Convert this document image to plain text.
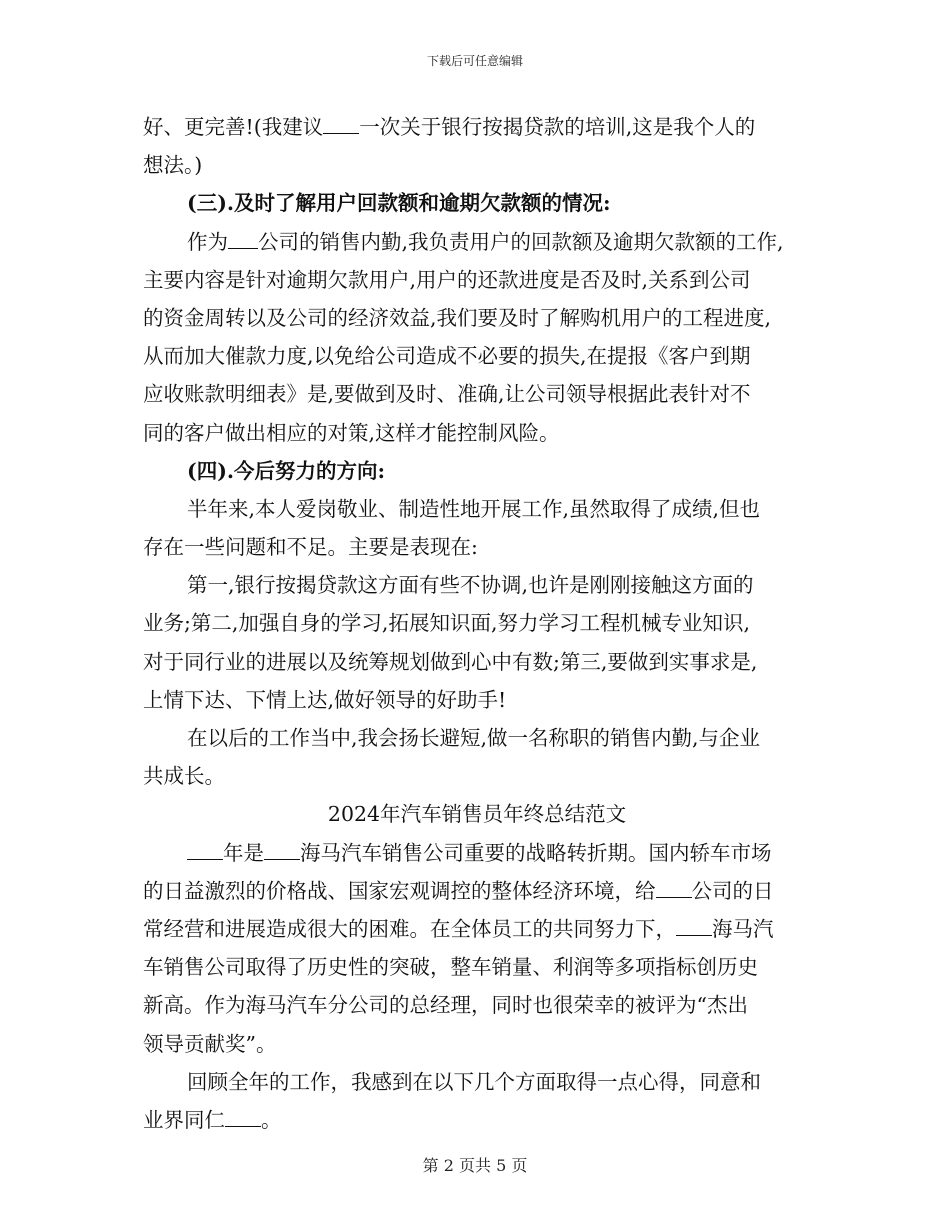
下载后可任意编辑
好、更完善!(我建议 一次关于银行按揭贷款的培训,这是我个人的
想法。)
(三).及时了解用户回款额和逾期欠款额的情况:
作为 公司的销售内勤,我负责用户的回款额及逾期欠款额的工作,
主要内容是针对逾期欠款用户,用户的还款进度是否及时,关系到公司
的资金周转以及公司的经济效益,我们要及时了解购机用户的工程进度,
从而加大催款力度,以免给公司造成不必要的损失,在提报《客户到期
应收账款明细表》是,要做到及时、准确,让公司领导根据此表针对不
同的客户做出相应的对策,这样才能控制风险。
(四).今后努力的方向:
半年来,本人爱岗敬业、制造性地开展工作,虽然取得了成绩,但也
存在一些问题和不足。主要是表现在:
第一,银行按揭贷款这方面有些不协调,也许是刚刚接触这方面的
业务;第二,加强自身的学习,拓展知识面,努力学习工程机械专业知识,
对于同行业的进展以及统筹规划做到心中有数;第三,要做到实事求是,
上情下达、下情上达,做好领导的好助手!
在以后的工作当中,我会扬长避短,做一名称职的销售内勤,与企业
共成长。
2024年汽车销售员年终总结范文
年是 海马汽车销售公司重要的战略转折期。国内轿车市场
的日益激烈的价格战、国家宏观调控的整体经济环境，给 公司的日
常经营和进展造成很大的困难。在全体员工的共同努力下， 海马汽
车销售公司取得了历史性的突破，整车销量、利润等多项指标创历史
新高。作为海马汽车分公司的总经理，同时也很荣幸的被评为“杰出
领导贡献奖”。
回顾全年的工作，我感到在以下几个方面取得一点心得，同意和
业界同仁 。
第 2 页共 5 页
